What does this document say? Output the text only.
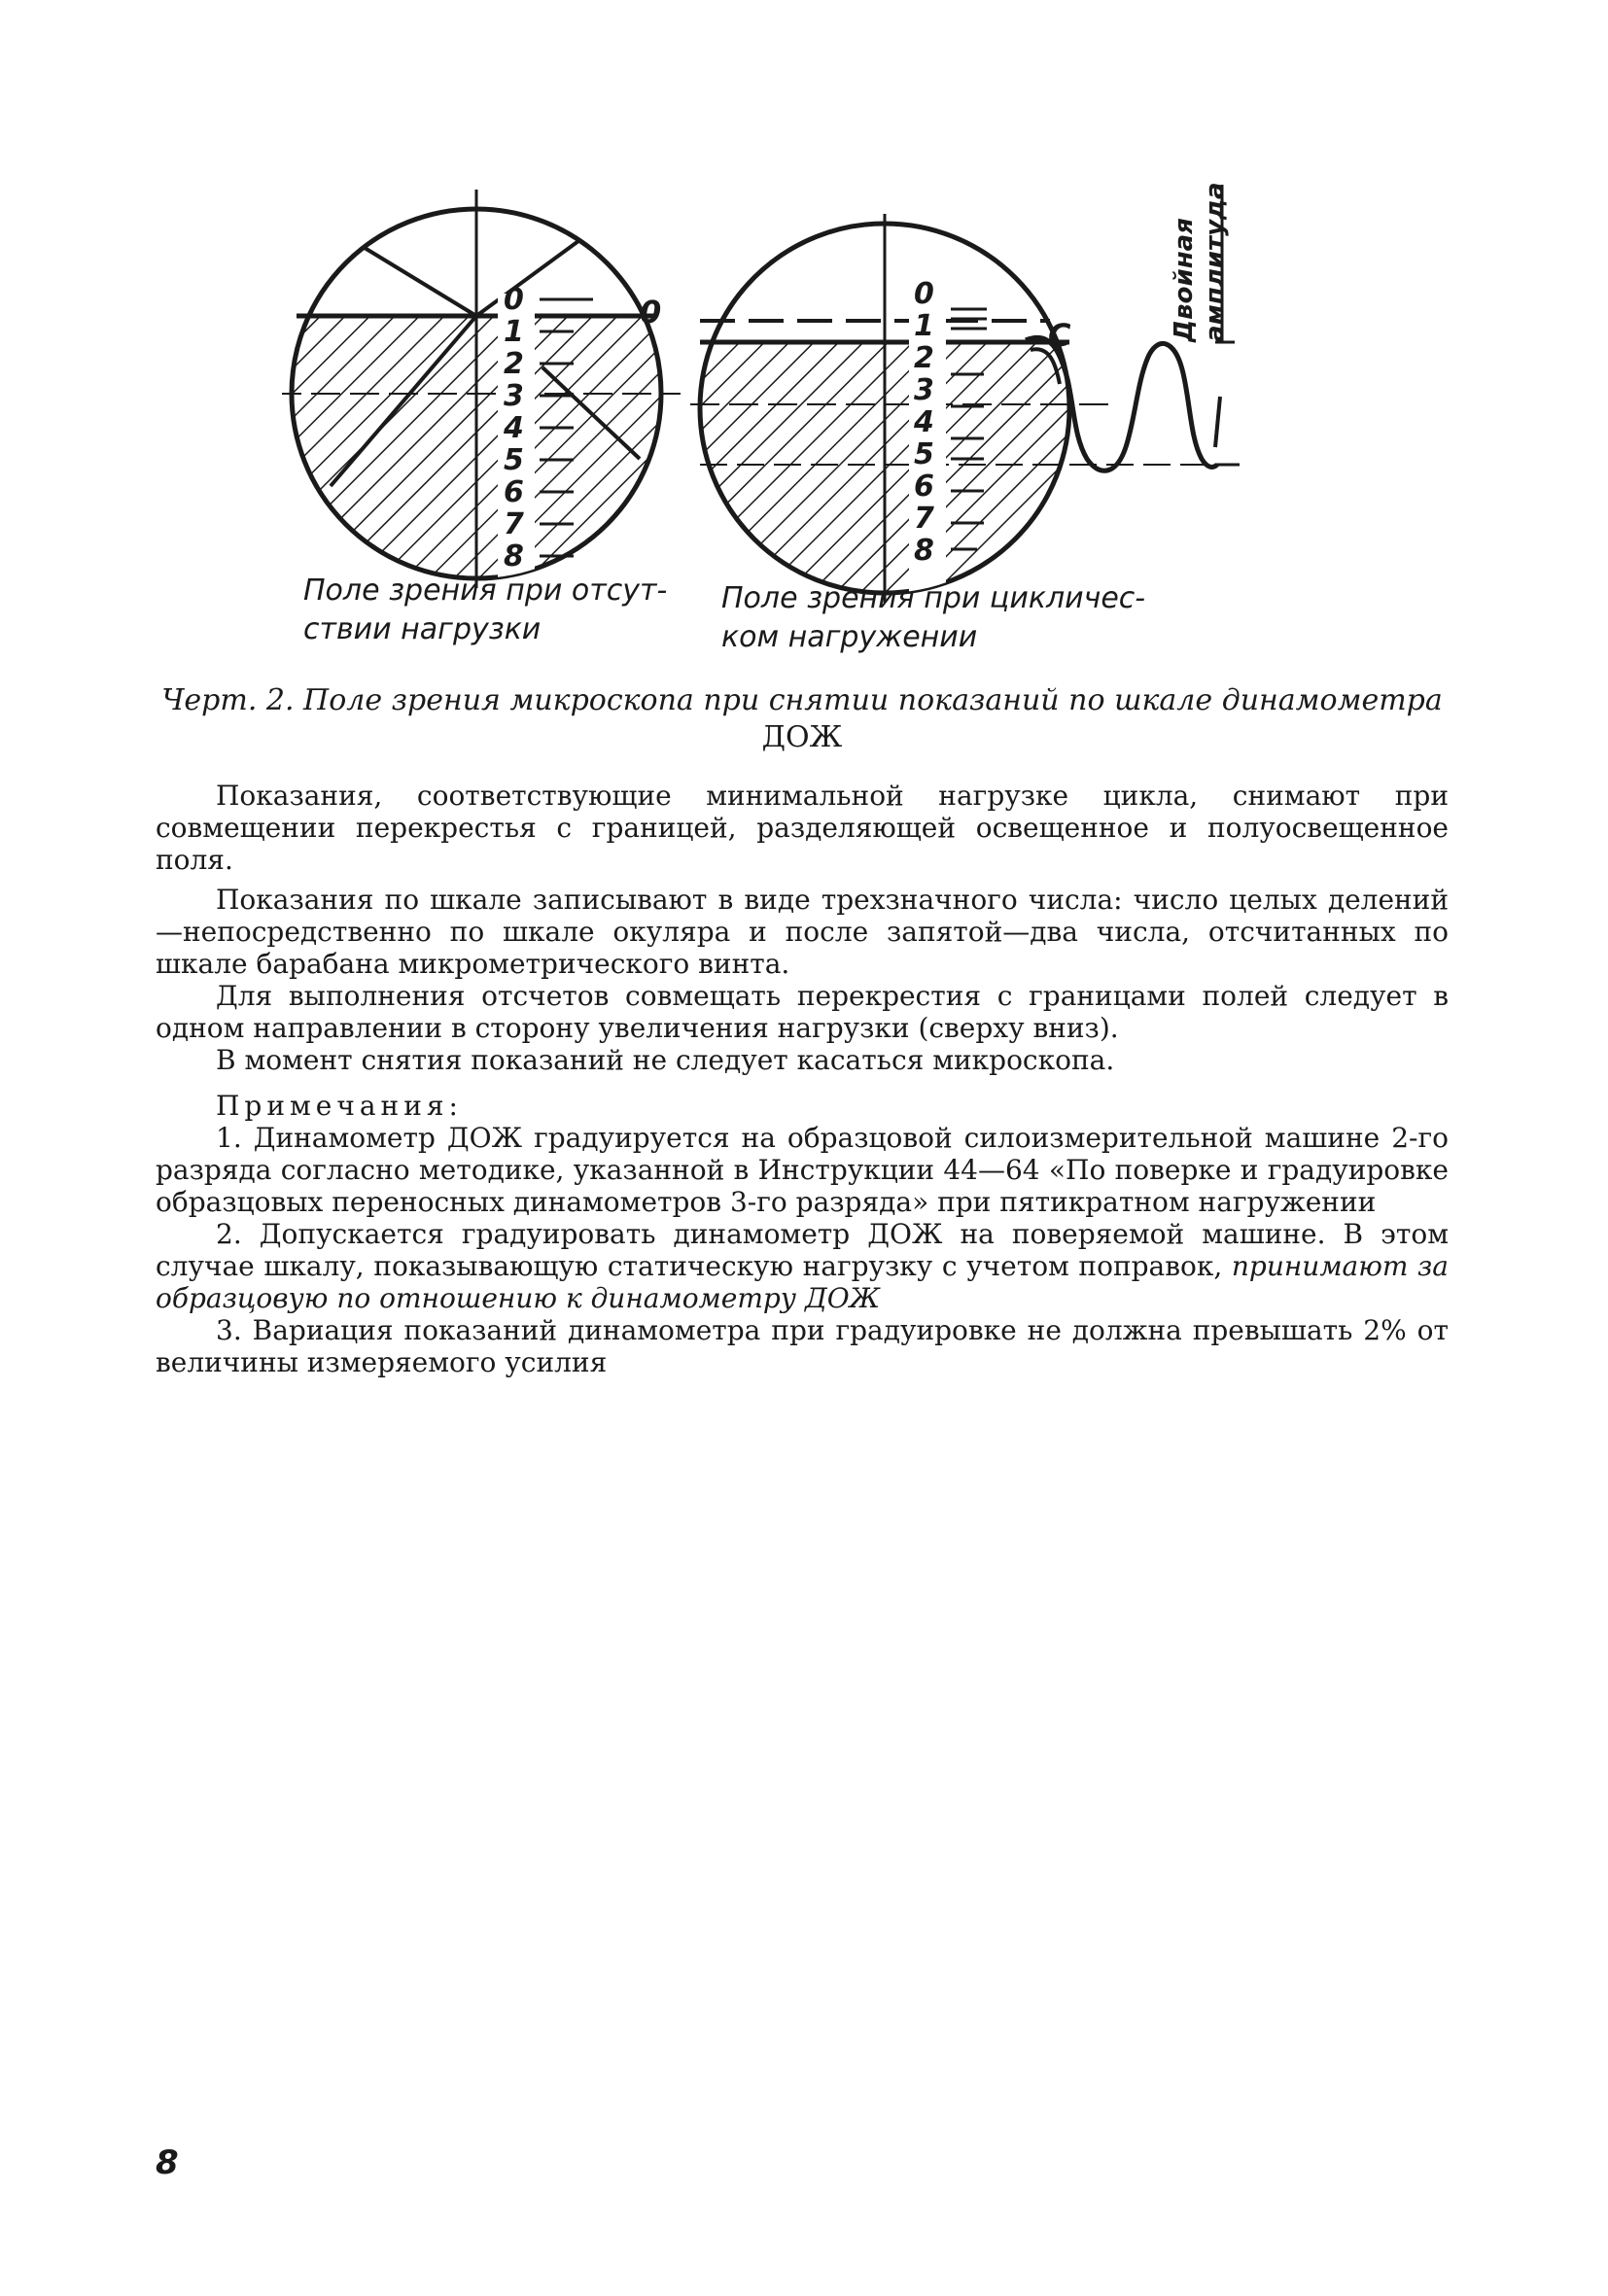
0
1
2
3
4
5
6
7
8
0	0
1
2
3
4
5
6
7
8
С	Двойная амплитуда
Поле зрения при отсут-
ствии нагрузки
Поле зрения при цикличес-
ком нагружении
Черт. 2. Поле зрения микроскопа при снятии показаний по шкале динамометра
ДОЖ

Показания, соответствующие минимальной нагрузке цикла, снимают при совмещении перекрестья с границей, разделяющей освещенное и полуосвещенное поля.

Показания по шкале записывают в виде трехзначного числа: число целых делений—непосредственно по шкале окуляра и после запятой—два числа, отсчитанных по шкале барабана микрометрического винта.

Для выполнения отсчетов совмещать перекрестия с границами полей следует в одном направлении в сторону увеличения нагрузки (сверху вниз).

В момент снятия показаний не следует касаться микроскопа.

Примечания:

1. Динамометр ДОЖ градуируется на образцовой силоизмерительной машине 2-го разряда согласно методике, указанной в Инструкции 44—64 «По поверке и градуировке образцовых переносных динамометров 3-го разряда» при пятикратном нагружении

2. Допускается градуировать динамометр ДОЖ на поверяемой машине. В этом случае шкалу, показывающую статическую нагрузку с учетом поправок, принимают за образцовую по отношению к динамометру ДОЖ

3. Вариация показаний динамометра при градуировке не должна превышать 2% от величины измеряемого усилия

8
